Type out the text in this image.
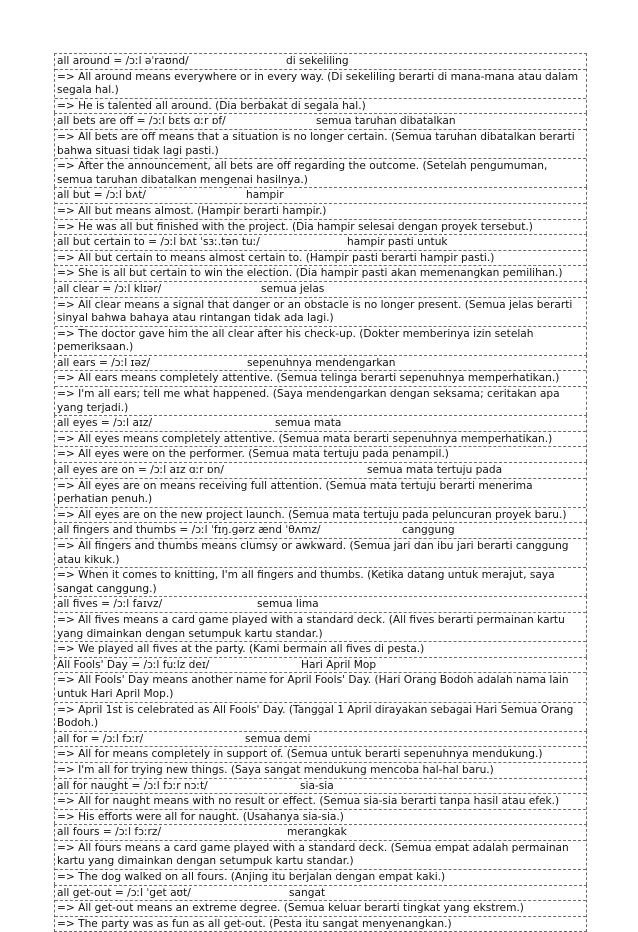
all around = /ɔːl əˈraʊnd/	di sekeliling
=> All around means everywhere or in every way. (Di sekeliling berarti di mana-mana atau dalam segala hal.)
=> He is talented all around. (Dia berbakat di segala hal.)
all bets are off = /ɔːl bɛts ɑːr ɒf/	semua taruhan dibatalkan
=> All bets are off means that a situation is no longer certain. (Semua taruhan dibatalkan berarti bahwa situasi tidak lagi pasti.)
=> After the announcement, all bets are off regarding the outcome. (Setelah pengumuman, semua taruhan dibatalkan mengenai hasilnya.)
all but = /ɔːl bʌt/	hampir
=> All but means almost. (Hampir berarti hampir.)
=> He was all but finished with the project. (Dia hampir selesai dengan proyek tersebut.)
all but certain to = /ɔːl bʌt ˈsɜː.tən tuː/	hampir pasti untuk
=> All but certain to means almost certain to. (Hampir pasti berarti hampir pasti.)
=> She is all but certain to win the election. (Dia hampir pasti akan memenangkan pemilihan.)
all clear = /ɔːl klɪər/	semua jelas
=> All clear means a signal that danger or an obstacle is no longer present. (Semua jelas berarti sinyal bahwa bahaya atau rintangan tidak ada lagi.)
=> The doctor gave him the all clear after his check-up. (Dokter memberinya izin setelah pemeriksaan.)
all ears = /ɔːl ɪəz/	sepenuhnya mendengarkan
=> All ears means completely attentive. (Semua telinga berarti sepenuhnya memperhatikan.)
=> I'm all ears; tell me what happened. (Saya mendengarkan dengan seksama; ceritakan apa yang terjadi.)
all eyes = /ɔːl aɪz/	semua mata
=> All eyes means completely attentive. (Semua mata berarti sepenuhnya memperhatikan.)
=> All eyes were on the performer. (Semua mata tertuju pada penampil.)
all eyes are on = /ɔːl aɪz ɑːr ɒn/	semua mata tertuju pada
=> All eyes are on means receiving full attention. (Semua mata tertuju berarti menerima perhatian penuh.)
=> All eyes are on the new project launch. (Semua mata tertuju pada peluncuran proyek baru.)
all fingers and thumbs = /ɔːl ˈfɪŋ.ɡərz ænd ˈθʌmz/	canggung
=> All fingers and thumbs means clumsy or awkward. (Semua jari dan ibu jari berarti canggung atau kikuk.)
=> When it comes to knitting, I'm all fingers and thumbs. (Ketika datang untuk merajut, saya sangat canggung.)
all fives = /ɔːl faɪvz/	semua lima
=> All fives means a card game played with a standard deck. (All fives berarti permainan kartu yang dimainkan dengan setumpuk kartu standar.)
=> We played all fives at the party. (Kami bermain all fives di pesta.)
All Fools' Day = /ɔːl fuːlz deɪ/	Hari April Mop
=> All Fools' Day means another name for April Fools' Day. (Hari Orang Bodoh adalah nama lain untuk Hari April Mop.)
=> April 1st is celebrated as All Fools' Day. (Tanggal 1 April dirayakan sebagai Hari Semua Orang Bodoh.)
all for = /ɔːl fɔːr/	semua demi
=> All for means completely in support of. (Semua untuk berarti sepenuhnya mendukung.)
=> I'm all for trying new things. (Saya sangat mendukung mencoba hal-hal baru.)
all for naught = /ɔːl fɔːr nɔːt/	sia-sia
=> All for naught means with no result or effect. (Semua sia-sia berarti tanpa hasil atau efek.)
=> His efforts were all for naught. (Usahanya sia-sia.)
all fours = /ɔːl fɔːrz/	merangkak
=> All fours means a card game played with a standard deck. (Semua empat adalah permainan kartu yang dimainkan dengan setumpuk kartu standar.)
=> The dog walked on all fours. (Anjing itu berjalan dengan empat kaki.)
all get-out = /ɔːl ˈɡet aʊt/	sangat
=> All get-out means an extreme degree. (Semua keluar berarti tingkat yang ekstrem.)
=> The party was as fun as all get-out. (Pesta itu sangat menyenangkan.)
